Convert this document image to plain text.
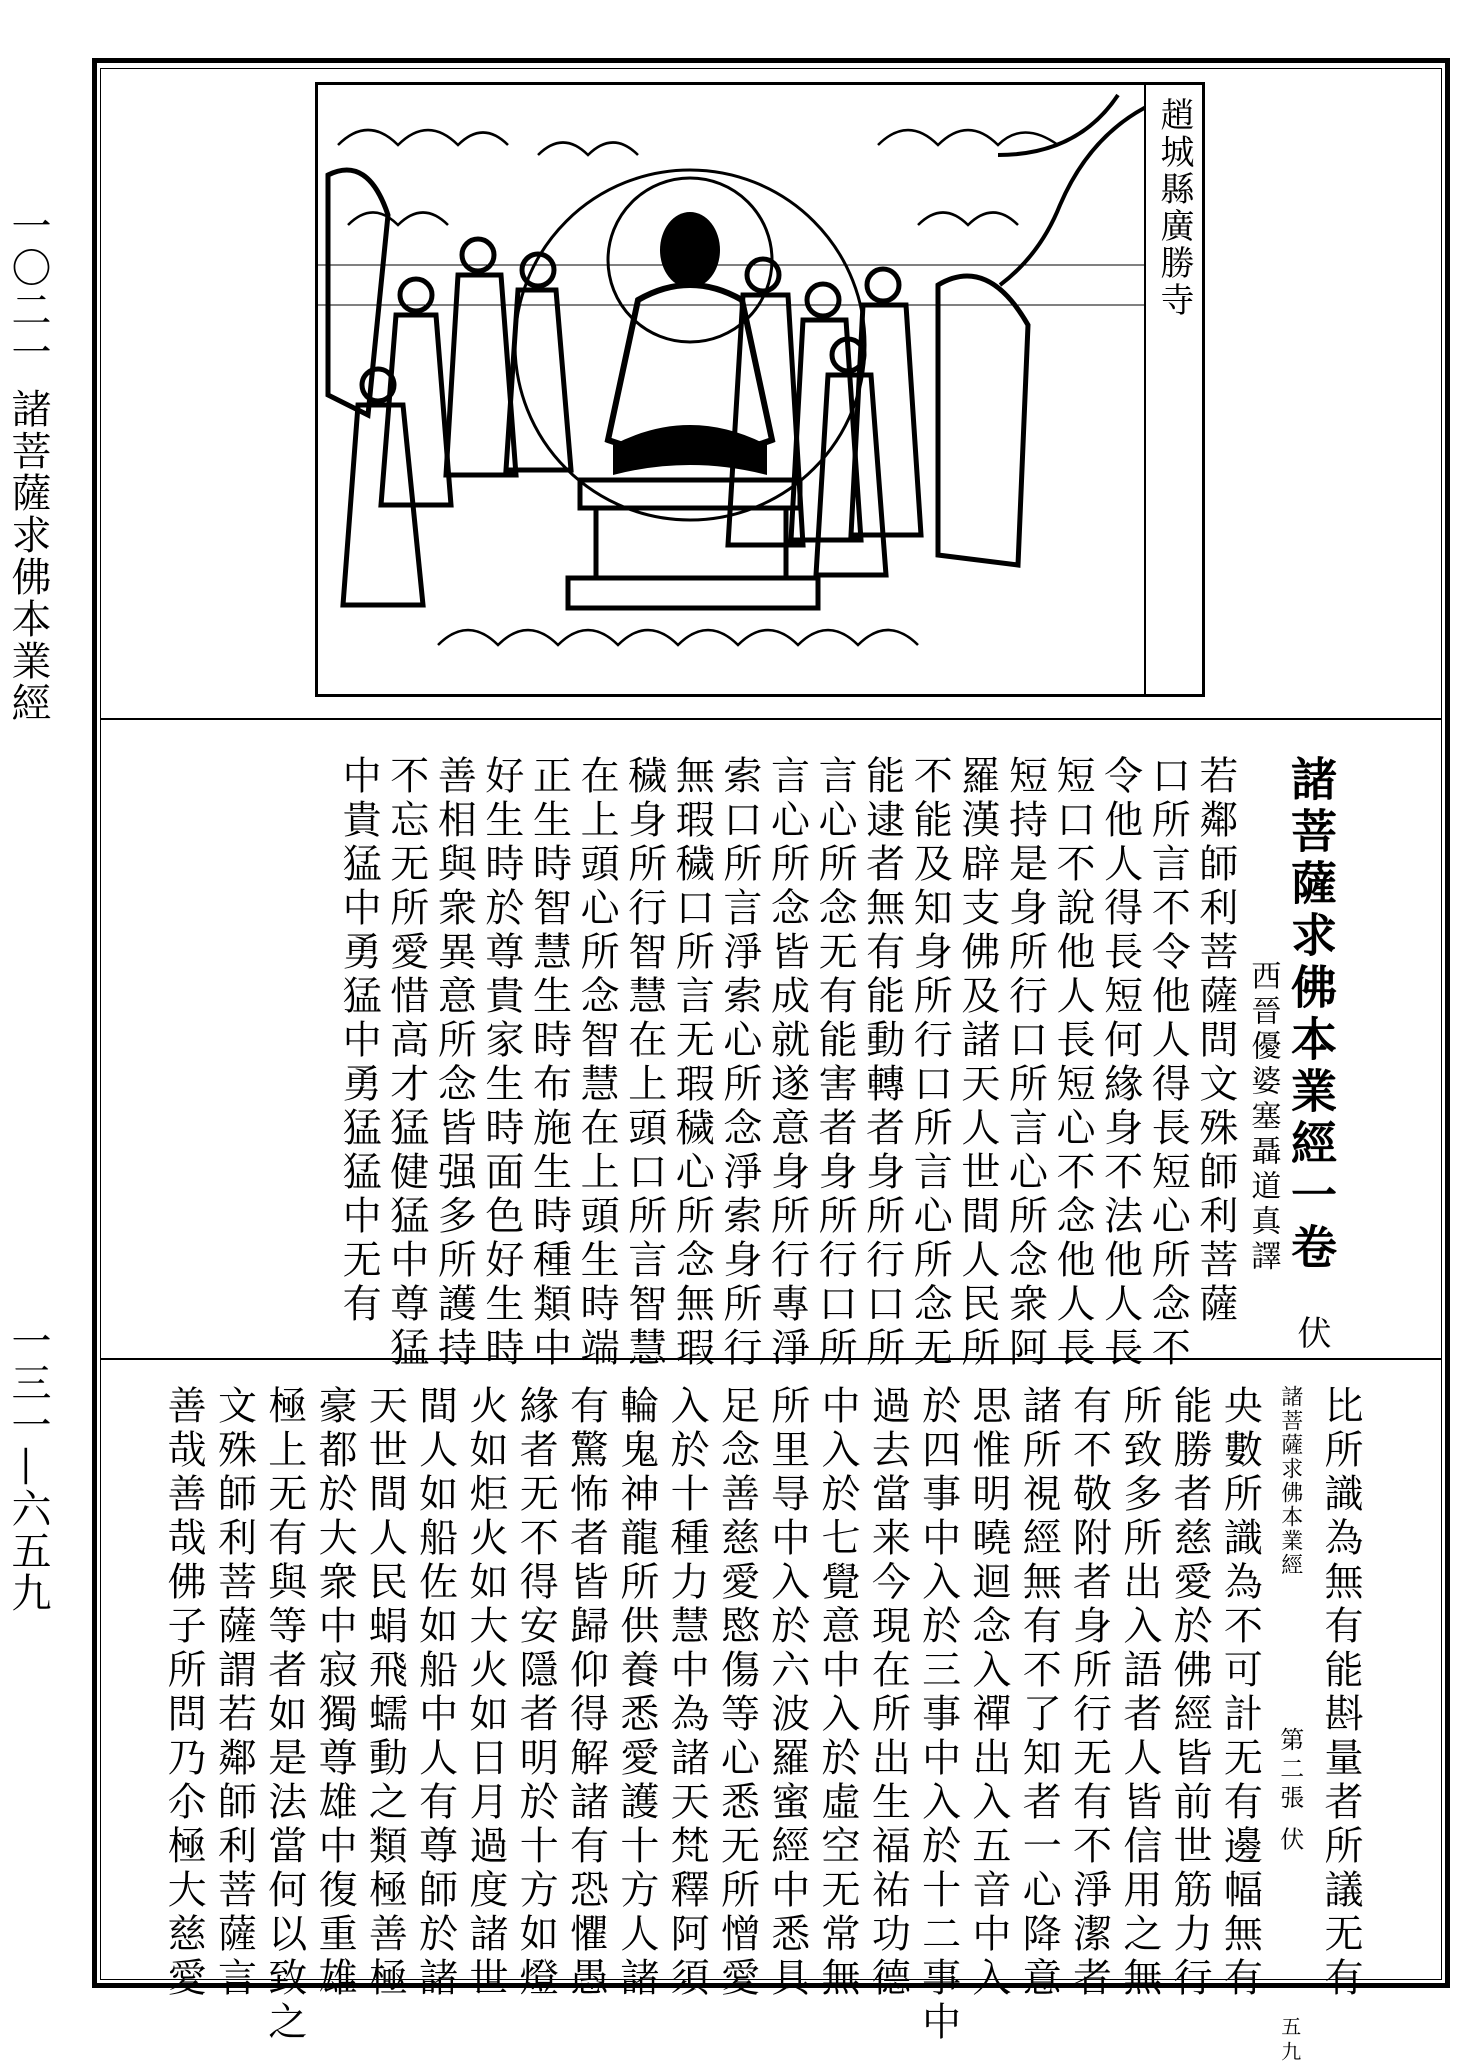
一〇二一 諸菩薩求佛本業經
一三一—六五九
趙城縣廣勝寺
諸菩薩求佛本業經一卷伏
西晉優婆塞聶道真譯
若鄰師利菩薩問文殊師利菩薩
口所言不令他人得長短心所念不
令他人得長短何緣身不法他人長
短口不說他人長短心不念他人長
短持是身所行口所言心所念衆阿
羅漢辟支佛及諸天人世間人民所
不能及知身所行口所言心所念无
能逮者無有能動轉者身所行口所
言心所念无有能害者身所行口所
言心所念皆成就遂意身所行專淨
索口所言淨索心所念淨索身所行
無瑕穢口所言无瑕穢心所念無瑕
穢身所行智慧在上頭口所言智慧
在上頭心所念智慧在上頭生時端
正生時智慧生時布施生時種類中
好生時於尊貴家生時面色好生時
善相與衆異意所念皆强多所護持
不忘无所愛惜高才猛健猛中尊猛
中貴猛中勇猛中勇猛猛中无有
比所識為無有能斟量者所議无有
諸菩薩求佛本業經第二張 伏五九
央數所識為不可計无有邊幅無有
能勝者慈愛於佛經皆前世筋力行
所致多所出入語者人皆信用之無
有不敬附者身所行无有不淨潔者
諸所視經無有不了知者一心降意
思惟明曉迴念入禪出入五音中入
於四事中入於三事中入於十二事中
過去當来今現在所出生福祐功德
中入於七覺意中入於虛空无常無
所里㝵中入於六波羅蜜經中悉具
足念善慈愛愍傷等心悉无所憎愛
入於十種力慧中為諸天梵釋阿須
輪鬼神龍所供養悉愛護十方人諸
有驚怖者皆歸仰得解諸有恐懼愚
緣者无不得安隱者明於十方如燈
火如炬火如大火如日月過度諸世
間人如船佐如船中人有尊師於諸
天世間人民蜎飛蠕動之類極善極
豪都於大衆中寂獨尊雄中復重雄
極上无有與等者如是法當何以致之
文殊師利菩薩謂若鄰師利菩薩言
善哉善哉佛子所問乃尒極大慈愛
